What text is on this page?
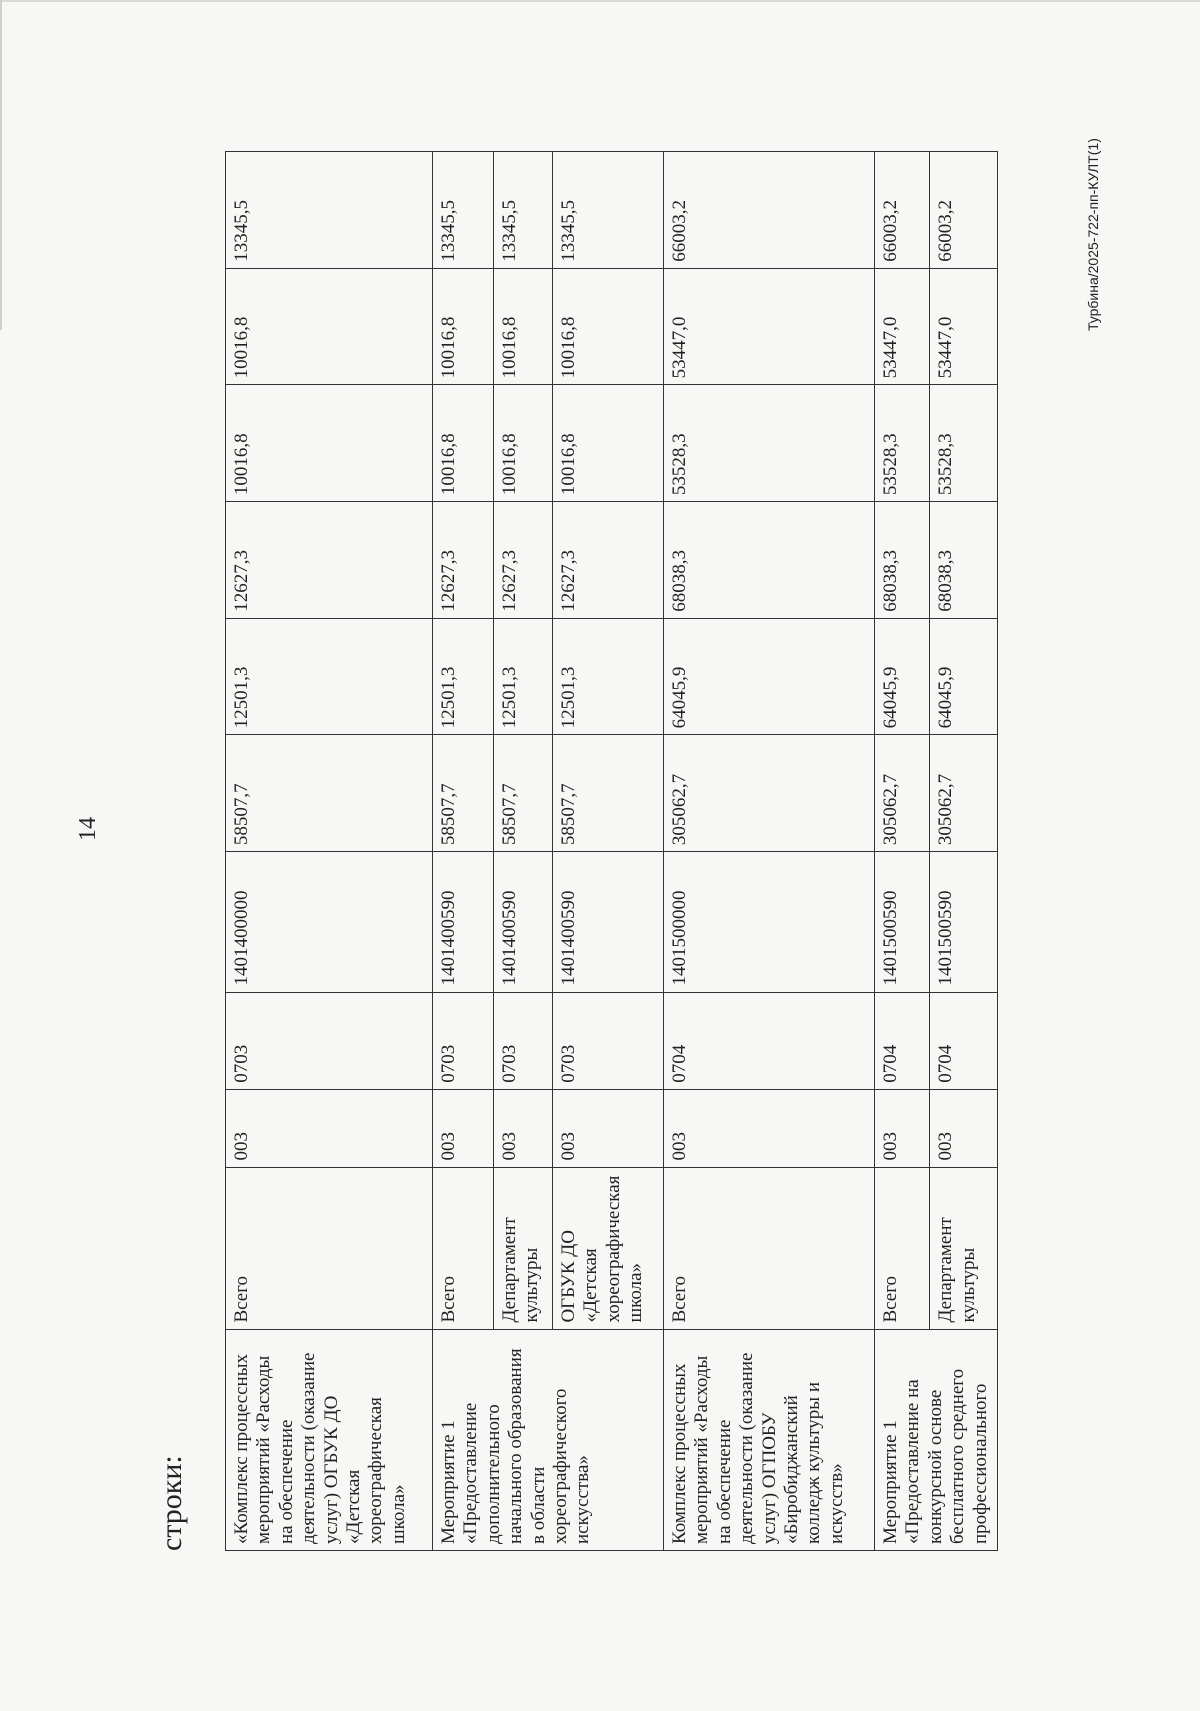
строки:
14
Турбина/2025-722-пп-КУЛТ(1)
«Комплекс процессных мероприятий «Расходы на обеспечение деятельности (оказание услуг) ОГБУК ДО «Детская хореографическая школа»	Всего	003	0703	1401400000	58507,7	12501,3	12627,3	10016,8	10016,8	13345,5
Мероприятие 1 «Предоставление дополнительного начального образования в области хореографического искусства»	Всего	003	0703	1401400590	58507,7	12501,3	12627,3	10016,8	10016,8	13345,5
	Департамент культуры	003	0703	1401400590	58507,7	12501,3	12627,3	10016,8	10016,8	13345,5
	ОГБУК ДО «Детская хореографическая школа»	003	0703	1401400590	58507,7	12501,3	12627,3	10016,8	10016,8	13345,5
Комплекс процессных мероприятий «Расходы на обеспечение деятельности (оказание услуг) ОГПОБУ «Биробиджанский колледж культуры и искусств»	Всего	003	0704	1401500000	305062,7	64045,9	68038,3	53528,3	53447,0	66003,2
Мероприятие 1 «Предоставление на конкурсной основе бесплатного среднего профессионального	Всего	003	0704	1401500590	305062,7	64045,9	68038,3	53528,3	53447,0	66003,2
	Департамент культуры	003	0704	1401500590	305062,7	64045,9	68038,3	53528,3	53447,0	66003,2
